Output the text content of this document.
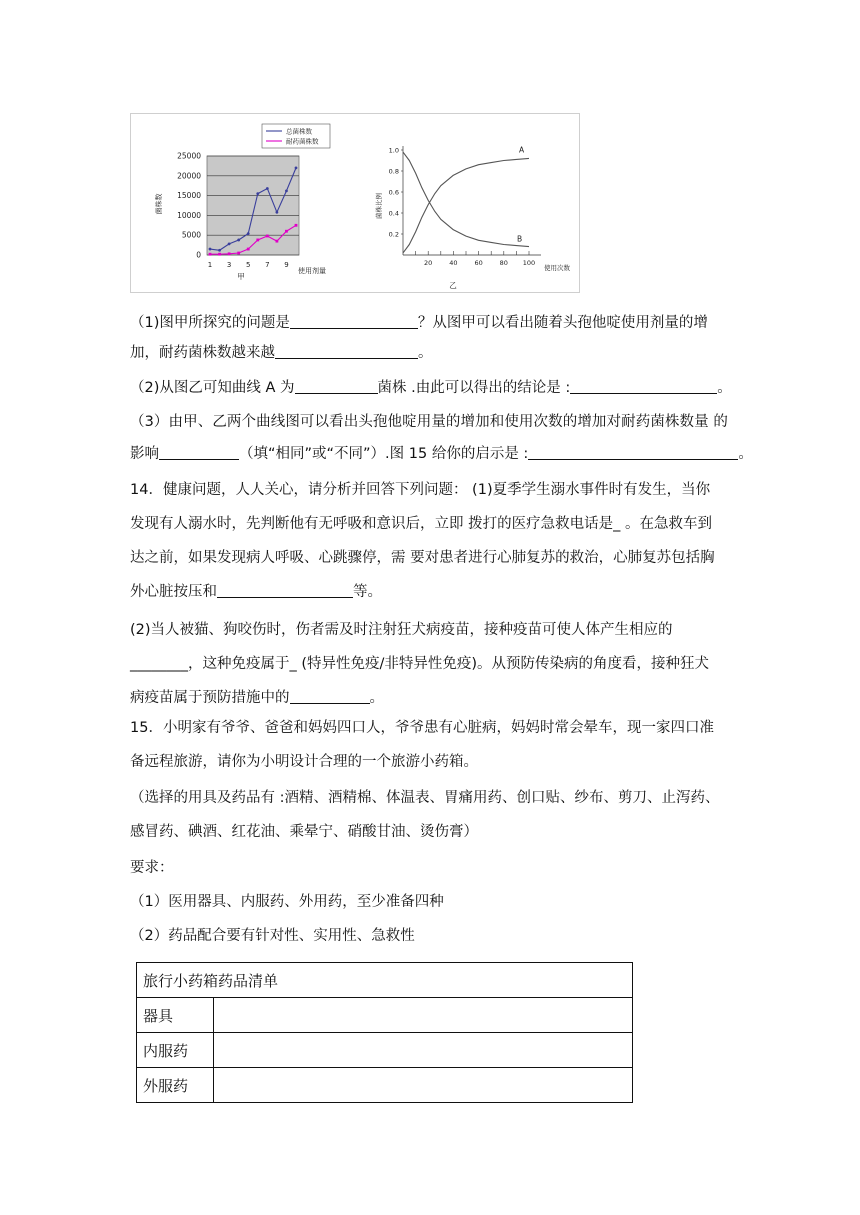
0
5000
10000
15000
20000
25000
1 3 5 7 9
使用剂量
甲
菌株数
总菌株数
耐药菌株数
0.2
0.4
0.6
0.8
1.0
20	40	60	80 100
使用次数
乙
菌株比例
A
B
（1)图甲所探究的问题是	？从图甲可以看出随着头孢他啶使用剂量的增
加，耐药菌株数越来越	。
（2)从图乙可知曲线 A 为	菌株 .由此可以得出的结论是 :	。
（3）由甲、乙两个曲线图可以看出头孢他啶用量的增加和使用次数的增加对耐药菌株数量 的
影响	（填“相同”或“不同”）.图 15 给你的启示是 :	。
14．健康问题，人人关心，请分析并回答下列问题： (1)夏季学生溺水事件时有发生，当你
发现有人溺水时，先判断他有无呼吸和意识后，立即 拨打的医疗急救电话是_ 。在急救车到
达之前，如果发现病人呼吸、心跳骤停，需 要对患者进行心肺复苏的救治，心肺复苏包括胸
外心脏按压和	等。
(2)当人被猫、狗咬伤时，伤者需及时注射狂犬病疫苗，接种疫苗可使人体产生相应的
________，这种免疫属于_ (特异性免疫/非特异性免疫)。从预防传染病的角度看，接种狂犬
病疫苗属于预防措施中的	。
15．小明家有爷爷、爸爸和妈妈四口人，爷爷患有心脏病，妈妈时常会晕车，现一家四口准
备远程旅游，请你为小明设计合理的一个旅游小药箱。
（选择的用具及药品有 :酒精、酒精棉、体温表、胃痛用药、创口贴、纱布、剪刀、止泻药、
感冒药、碘酒、红花油、乘晕宁、硝酸甘油、烫伤膏）
要求：
（1）医用器具、内服药、外用药，至少准备四种
（2）药品配合要有针对性、实用性、急救性
旅行小药箱药品清单	
器具	
内服药	
外服药	
